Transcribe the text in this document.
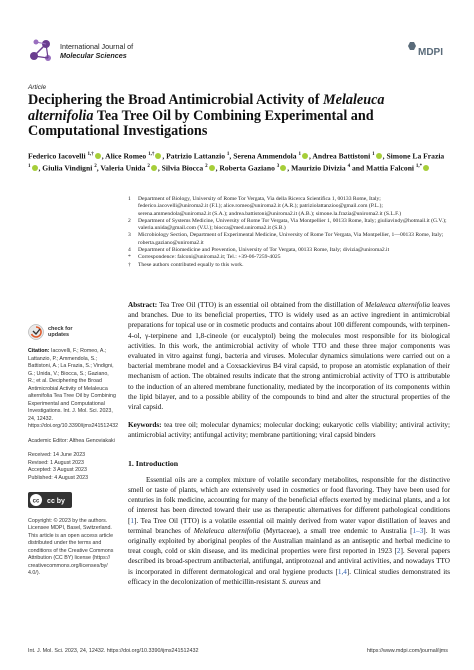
International Journal of
Molecular Sciences	MDPI
Article
Deciphering the Broad Antimicrobial Activity of Melaleuca alternifolia Tea Tree Oil by Combining Experimental and Computational Investigations
Federico Iacovelli $^{1,\dagger}$ , Alice Romeo $^{1,\dagger}$ , Patrizio Lattanzio $^1$, Serena Ammendola $^1$ , Andrea Battistoni $^1$ , Simone La Frazia $^1$ , Giulia Vindigni $^2$, Valeria Unida $^2$ , Silvia Biocca $^2$ , Roberta Gaziano $^3$ , Maurizio Divizia $^4$ and Mattia Falconi $^{1,*}$
1	Department of Biology, University of Rome Tor Vergata, Via della Ricerca Scientifica 1, 00133 Rome, Italy; federico.iacovelli@uniroma2.it (F.I.); alice.romeo@uniroma2.it (A.R.); patriziolattanzioo@gmail.com (P.L.); serena.ammendola@uniroma2.it (S.A.); andrea.battistoni@uniroma2.it (A.B.); simone.la.frazia@uniroma2.it (S.L.F.)
2	Department of Systems Medicine, University of Rome Tor Vergata, Via Montpellier 1, 00133 Rome, Italy; giuliavindy@hotmail.it (G.V.); valeria.unida@gmail.com (V.U.); biocca@med.uniroma2.it (S.B.)
3	Microbiology Section, Department of Experimental Medicine, University of Rome Tor Vergata, Via Montpellier, 1—00133 Rome, Italy; roberta.gaziano@uniroma2.it
4	Department of Biomedicine and Prevention, University of Tor Vergata, 00133 Rome, Italy; divizia@uniroma2.it
*	Correspondence: falconi@uniroma2.it; Tel.: +39-06-7259-4025
†	These authors contributed equally to this work.
check for
updates
Citation: Iacovelli, F.; Romeo, A.; Lattanzio, P.; Ammendola, S.; Battistoni, A.; La Frazia, S.; Vindigni, G.; Unida, V.; Biocca, S.; Gaziano, R.; et al. Deciphering the Broad Antimicrobial Activity of Melaleuca alternifolia Tea Tree Oil by Combining Experimental and Computational Investigations. Int. J. Mol. Sci. 2023, 24, 12432. https://doi.org/10.3390/ijms241512432
Academic Editor: Althea Genoviakaki
Received: 14 June 2023
Revised: 1 August 2023
Accepted: 3 August 2023
Published: 4 August 2023
cc cc by
Copyright: © 2023 by the authors. Licensee MDPI, Basel, Switzerland. This article is an open access article distributed under the terms and conditions of the Creative Commons Attribution (CC BY) license (https:// creativecommons.org/licenses/by/ 4.0/).

Abstract: Tea Tree Oil (TTO) is an essential oil obtained from the distillation of Melaleuca alternifolia leaves and branches. Due to its beneficial properties, TTO is widely used as an active ingredient in antimicrobial preparations for topical use or in cosmetic products and contains about 100 different compounds, with terpinen-4-ol, γ-terpinene and 1,8-cineole (or eucalyptol) being the molecules most responsible for its biological activities. In this work, the antimicrobial activity of whole TTO and these three major components was evaluated in vitro against fungi, bacteria and viruses. Molecular dynamics simulations were carried out on a bacterial membrane model and a Coxsackievirus B4 viral capsid, to propose an atomistic explanation of their mechanism of action. The obtained results indicate that the strong antimicrobial activity of TTO is attributable to the induction of an altered membrane functionality, mediated by the incorporation of its components within the lipid bilayer, and to a possible ability of the compounds to bind and alter the structural properties of the viral capsid.

Keywords: tea tree oil; molecular dynamics; molecular docking; eukaryotic cells viability; antiviral activity; antimicrobial activity; antifungal activity; membrane partitioning; viral capsid binders

1. Introduction

Essential oils are a complex mixture of volatile secondary metabolites, responsible for the distinctive smell or taste of plants, which are extensively used in cosmetics or food flavoring. They have been used for centuries in folk medicine, accounting for many of the beneficial effects exerted by medicinal plants, and a lot of interest has been directed toward their use as therapeutic alternatives for different pathological conditions [1]. Tea Tree Oil (TTO) is a volatile essential oil mainly derived from water vapor distillation of leaves and terminal branches of Melaleuca alternifolia (Myrtaceae), a small tree endemic to Australia [1–3]. It was originally exploited by aboriginal peoples of the Australian mainland as an antiseptic and herbal medicine to treat cough, cold or skin disease, and its medicinal properties were first reported in 1923 [2]. Several papers described its broad-spectrum antibacterial, antifungal, antiprotozoal and antiviral activities, and nowadays TTO is incorporated in different dermatological and oral hygiene products [1,4]. Clinical studies demonstrated its efficacy in the decolonization of methicillin-resistant S. aureus and

Int. J. Mol. Sci. 2023, 24, 12432. https://doi.org/10.3390/ijms241512432	https://www.mdpi.com/journal/ijms
